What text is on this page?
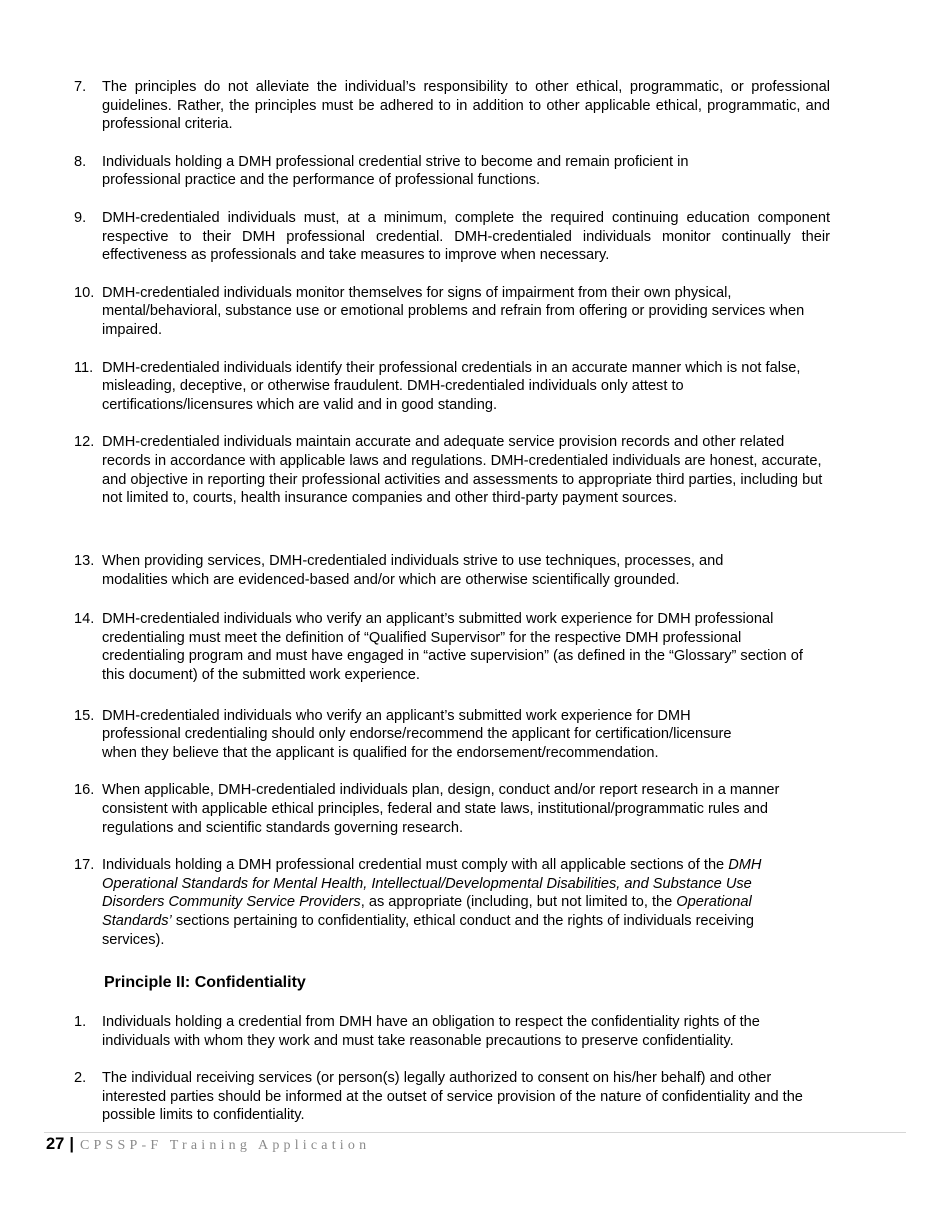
7.	The principles do not alleviate the individual’s responsibility to other ethical, programmatic, or professional guidelines. Rather, the principles must be adhered to in addition to other applicable ethical, programmatic, and professional criteria.
8.	Individuals holding a DMH professional credential strive to become and remain proficient in professional practice and the performance of professional functions.
9.	DMH-credentialed individuals must, at a minimum, complete the required continuing education component respective to their DMH professional credential. DMH-credentialed individuals monitor continually their effectiveness as professionals and take measures to improve when necessary.
10. DMH-credentialed individuals monitor themselves for signs of impairment from their own physical, mental/behavioral, substance use or emotional problems and refrain from offering or providing services when impaired.
11. DMH-credentialed individuals identify their professional credentials in an accurate manner which is not false, misleading, deceptive, or otherwise fraudulent. DMH-credentialed individuals only attest to certifications/licensures which are valid and in good standing.
12. DMH-credentialed individuals maintain accurate and adequate service provision records and other related records in accordance with applicable laws and regulations. DMH-credentialed individuals are honest, accurate, and objective in reporting their professional activities and assessments to appropriate third parties, including but not limited to, courts, health insurance companies and other third-party payment sources.
13. When providing services, DMH-credentialed individuals strive to use techniques, processes, and modalities which are evidenced-based and/or which are otherwise scientifically grounded.
14. DMH-credentialed individuals who verify an applicant’s submitted work experience for DMH professional credentialing must meet the definition of “Qualified Supervisor” for the respective DMH professional credentialing program and must have engaged in “active supervision” (as defined in the “Glossary” section of this document) of the submitted work experience.
15. DMH-credentialed individuals who verify an applicant’s submitted work experience for DMH professional credentialing should only endorse/recommend the applicant for certification/licensure when they believe that the applicant is qualified for the endorsement/recommendation.
16. When applicable, DMH-credentialed individuals plan, design, conduct and/or report research in a manner consistent with applicable ethical principles, federal and state laws, institutional/programmatic rules and regulations and scientific standards governing research.
17. Individuals holding a DMH professional credential must comply with all applicable sections of the DMH Operational Standards for Mental Health, Intellectual/Developmental Disabilities, and Substance Use Disorders Community Service Providers, as appropriate (including, but not limited to, the Operational Standards’ sections pertaining to confidentiality, ethical conduct and the rights of individuals receiving services).
Principle II: Confidentiality
1.	Individuals holding a credential from DMH have an obligation to respect the confidentiality rights of the individuals with whom they work and must take reasonable precautions to preserve confidentiality.
2.	The individual receiving services (or person(s) legally authorized to consent on his/her behalf) and other interested parties should be informed at the outset of service provision of the nature of confidentiality and the possible limits to confidentiality.
27 | CPSSP-F Training Application
